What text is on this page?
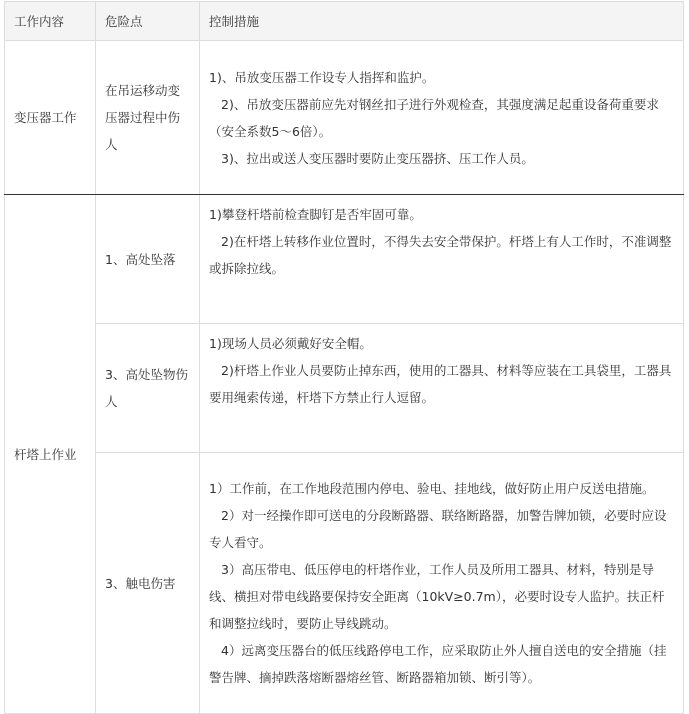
工作内容	危险点	控制措施
变压器工作	在吊运移动变压器过程中伤人	1)、吊放变压器工作设专人指挥和监护。

2)、吊放变压器前应先对钢丝扣子进行外观检查，其强度满足起重设备荷重要求（安全系数5～6倍）。

3)、拉出或送人变压器时要防止变压器挤、压工作人员。

杆塔上作业	1、高处坠落	1)攀登杆塔前检查脚钉是否牢固可靠。

2)在杆塔上转移作业位置时，不得失去安全带保护。杆塔上有人工作时，不准调整或拆除拉线。

	3、高处坠物伤人	1)现场人员必须戴好安全帽。

2)杆塔上作业人员要防止掉东西，使用的工器具、材料等应装在工具袋里，工器具要用绳索传递，杆塔下方禁止行人逗留。

	3、触电伤害	1）工作前，在工作地段范围内停电、验电、挂地线，做好防止用户反送电措施。

2）对一经操作即可送电的分段断路器、联络断路器，加警告牌加锁，必要时应设专人看守。

3）高压带电、低压停电的杆塔作业，工作人员及所用工器具、材料，特别是导线、横担对带电线路要保持安全距离（10kV≥0.7m），必要时设专人监护。扶正杆和调整拉线时，要防止导线跳动。

4）远离变压器台的低压线路停电工作，应采取防止外人擅自送电的安全措施（挂警告牌、摘掉跌落熔断器熔丝管、断路器箱加锁、断引等）。
